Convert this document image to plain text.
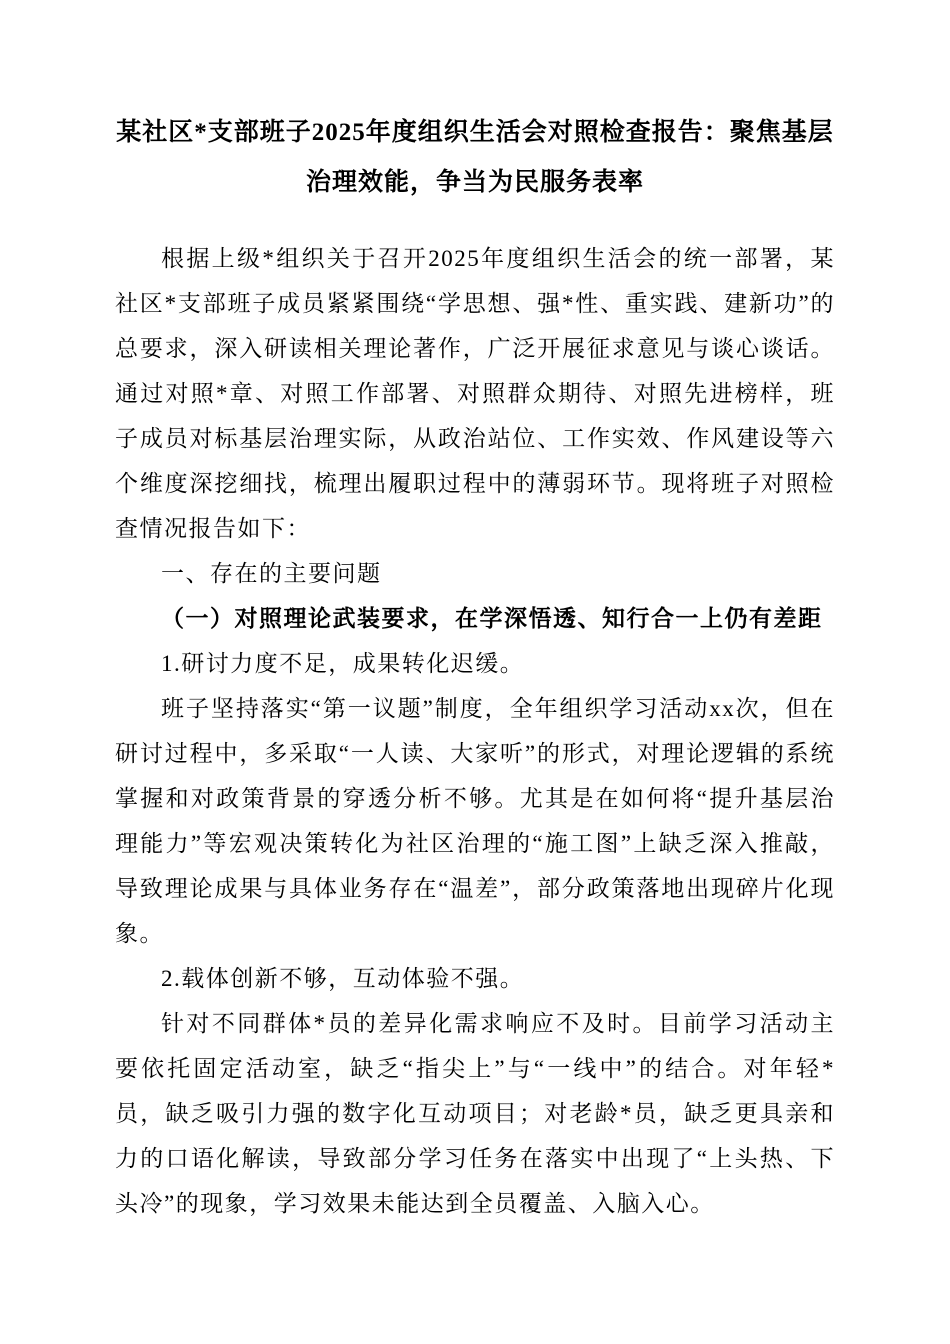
某社区*支部班子2025年度组织生活会对照检查报告：聚焦基层治理效能，争当为民服务表率

根据上级*组织关于召开2025年度组织生活会的统一部署，某社区*支部班子成员紧紧围绕“学思想、强*性、重实践、建新功”的总要求，深入研读相关理论著作，广泛开展征求意见与谈心谈话。通过对照*章、对照工作部署、对照群众期待、对照先进榜样，班子成员对标基层治理实际，从政治站位、工作实效、作风建设等六个维度深挖细找，梳理出履职过程中的薄弱环节。现将班子对照检查情况报告如下：

一、存在的主要问题

（一）对照理论武装要求，在学深悟透、知行合一上仍有差距

1.研讨力度不足，成果转化迟缓。

班子坚持落实“第一议题”制度，全年组织学习活动xx次，但在研讨过程中，多采取“一人读、大家听”的形式，对理论逻辑的系统掌握和对政策背景的穿透分析不够。尤其是在如何将“提升基层治理能力”等宏观决策转化为社区治理的“施工图”上缺乏深入推敲，导致理论成果与具体业务存在“温差”，部分政策落地出现碎片化现象。

2.载体创新不够，互动体验不强。

针对不同群体*员的差异化需求响应不及时。目前学习活动主要依托固定活动室，缺乏“指尖上”与“一线中”的结合。对年轻*员，缺乏吸引力强的数字化互动项目；对老龄*员，缺乏更具亲和力的口语化解读，导致部分学习任务在落实中出现了“上头热、下头冷”的现象，学习效果未能达到全员覆盖、入脑入心。
